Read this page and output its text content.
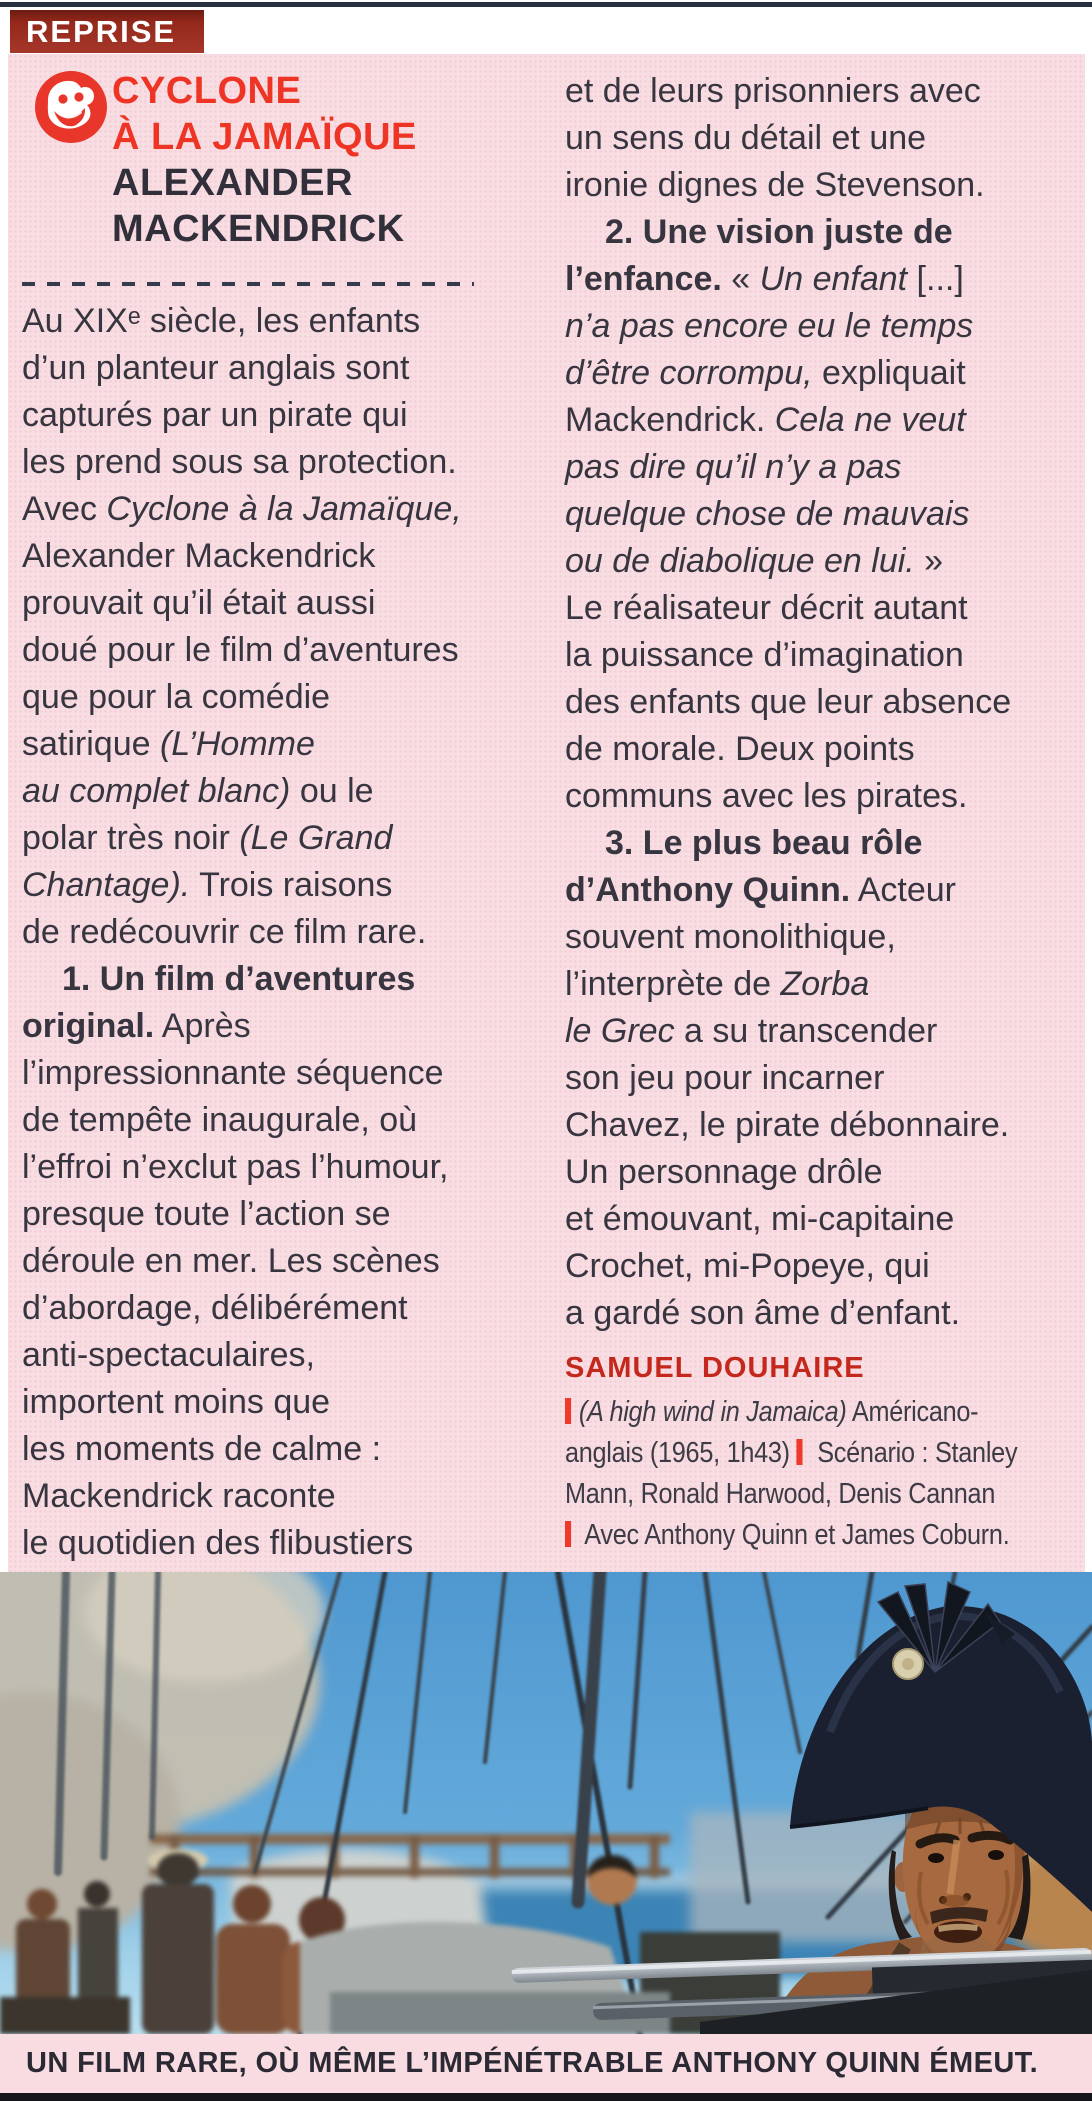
REPRISE
CYCLONE
À LA JAMAÏQUE
ALEXANDER
MACKENDRICK
Au XIXᵉ siècle, les enfants
d’un planteur anglais sont
capturés par un pirate qui
les prend sous sa protection.
Avec Cyclone à la Jamaïque,
Alexander Mackendrick
prouvait qu’il était aussi
doué pour le film d’aventures
que pour la comédie
satirique (L’Homme
au complet blanc) ou le
polar très noir (Le Grand
Chantage). Trois raisons
de redécouvrir ce film rare.
1. Un film d’aventures
original. Après
l’impressionnante séquence
de tempête inaugurale, où
l’effroi n’exclut pas l’humour,
presque toute l’action se
déroule en mer. Les scènes
d’abordage, délibérément
anti-spectaculaires,
importent moins que
les moments de calme :
Mackendrick raconte
le quotidien des flibustiers
et de leurs prisonniers avec
un sens du détail et une
ironie dignes de Stevenson.
2. Une vision juste de
l’enfance. « Un enfant [...]
n’a pas encore eu le temps
d’être corrompu, expliquait
Mackendrick. Cela ne veut
pas dire qu’il n’y a pas
quelque chose de mauvais
ou de diabolique en lui. »
Le réalisateur décrit autant
la puissance d’imagination
des enfants que leur absence
de morale. Deux points
communs avec les pirates.
3. Le plus beau rôle
d’Anthony Quinn. Acteur
souvent monolithique,
l’interprète de Zorba
le Grec a su transcender
son jeu pour incarner
Chavez, le pirate débonnaire.
Un personnage drôle
et émouvant, mi-capitaine
Crochet, mi-Popeye, qui
a gardé son âme d’enfant.
SAMUEL DOUHAIRE
(A high wind in Jamaica) Américano-
anglais (1965, 1h43)  Scénario : Stanley
Mann, Ronald Harwood, Denis Cannan
Avec Anthony Quinn et James Coburn.
UN FILM RARE, OÙ MÊME L’IMPÉNÉTRABLE ANTHONY QUINN ÉMEUT.
